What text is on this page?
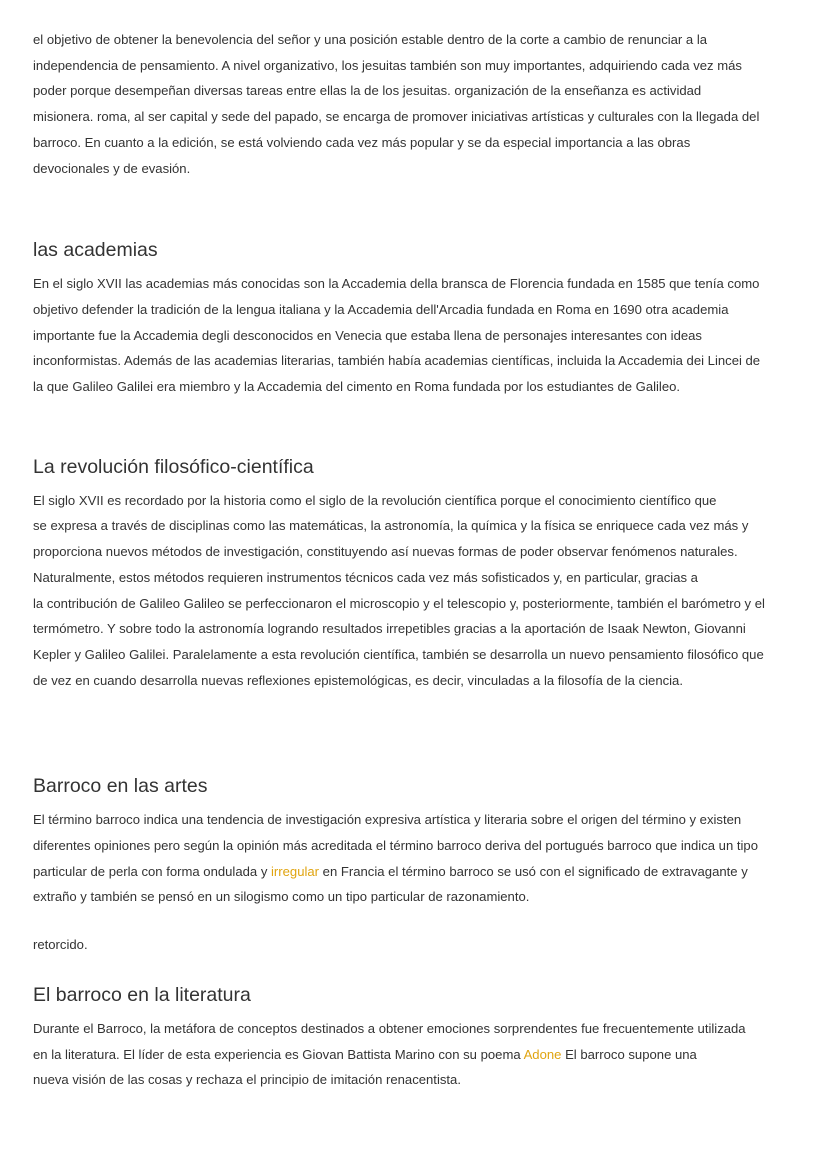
el objetivo de obtener la benevolencia del señor y una posición estable dentro de la corte a cambio de renunciar a la
independencia de pensamiento. A nivel organizativo, los jesuitas también son muy importantes, adquiriendo cada vez más
poder porque desempeñan diversas tareas entre ellas la de los jesuitas. organización de la enseñanza es actividad
misionera. roma, al ser capital y sede del papado, se encarga de promover iniciativas artísticas y culturales con la llegada del
barroco. En cuanto a la edición, se está volviendo cada vez más popular y se da especial importancia a las obras
devocionales y de evasión.

las academias

En el siglo XVII las academias más conocidas son la Accademia della bransca de Florencia fundada en 1585 que tenía como
objetivo defender la tradición de la lengua italiana y la Accademia dell'Arcadia fundada en Roma en 1690 otra academia
importante fue la Accademia degli desconocidos en Venecia que estaba llena de personajes interesantes con ideas
inconformistas. Además de las academias literarias, también había academias científicas, incluida la Accademia dei Lincei de
la que Galileo Galilei era miembro y la Accademia del cimento en Roma fundada por los estudiantes de Galileo.

La revolución filosófico-científica

El siglo XVII es recordado por la historia como el siglo de la revolución científica porque el conocimiento científico que
se expresa a través de disciplinas como las matemáticas, la astronomía, la química y la física se enriquece cada vez más y
proporciona nuevos métodos de investigación, constituyendo así nuevas formas de poder observar fenómenos naturales.
Naturalmente, estos métodos requieren instrumentos técnicos cada vez más sofisticados y, en particular, gracias a
la contribución de Galileo Galileo se perfeccionaron el microscopio y el telescopio y, posteriormente, también el barómetro y el
termómetro. Y sobre todo la astronomía logrando resultados irrepetibles gracias a la aportación de Isaak Newton, Giovanni
Kepler y Galileo Galilei. Paralelamente a esta revolución científica, también se desarrolla un nuevo pensamiento filosófico que
de vez en cuando desarrolla nuevas reflexiones epistemológicas, es decir, vinculadas a la filosofía de la ciencia.

Barroco en las artes

El término barroco indica una tendencia de investigación expresiva artística y literaria sobre el origen del término y existen
diferentes opiniones pero según la opinión más acreditada el término barroco deriva del portugués barroco que indica un tipo
particular de perla con forma ondulada y irregular en Francia el término barroco se usó con el significado de extravagante y
extraño y también se pensó en un silogismo como un tipo particular de razonamiento.

retorcido.

El barroco en la literatura

Durante el Barroco, la metáfora de conceptos destinados a obtener emociones sorprendentes fue frecuentemente utilizada
en la literatura. El líder de esta experiencia es Giovan Battista Marino con su poema Adone El barroco supone una
nueva visión de las cosas y rechaza el principio de imitación renacentista.
